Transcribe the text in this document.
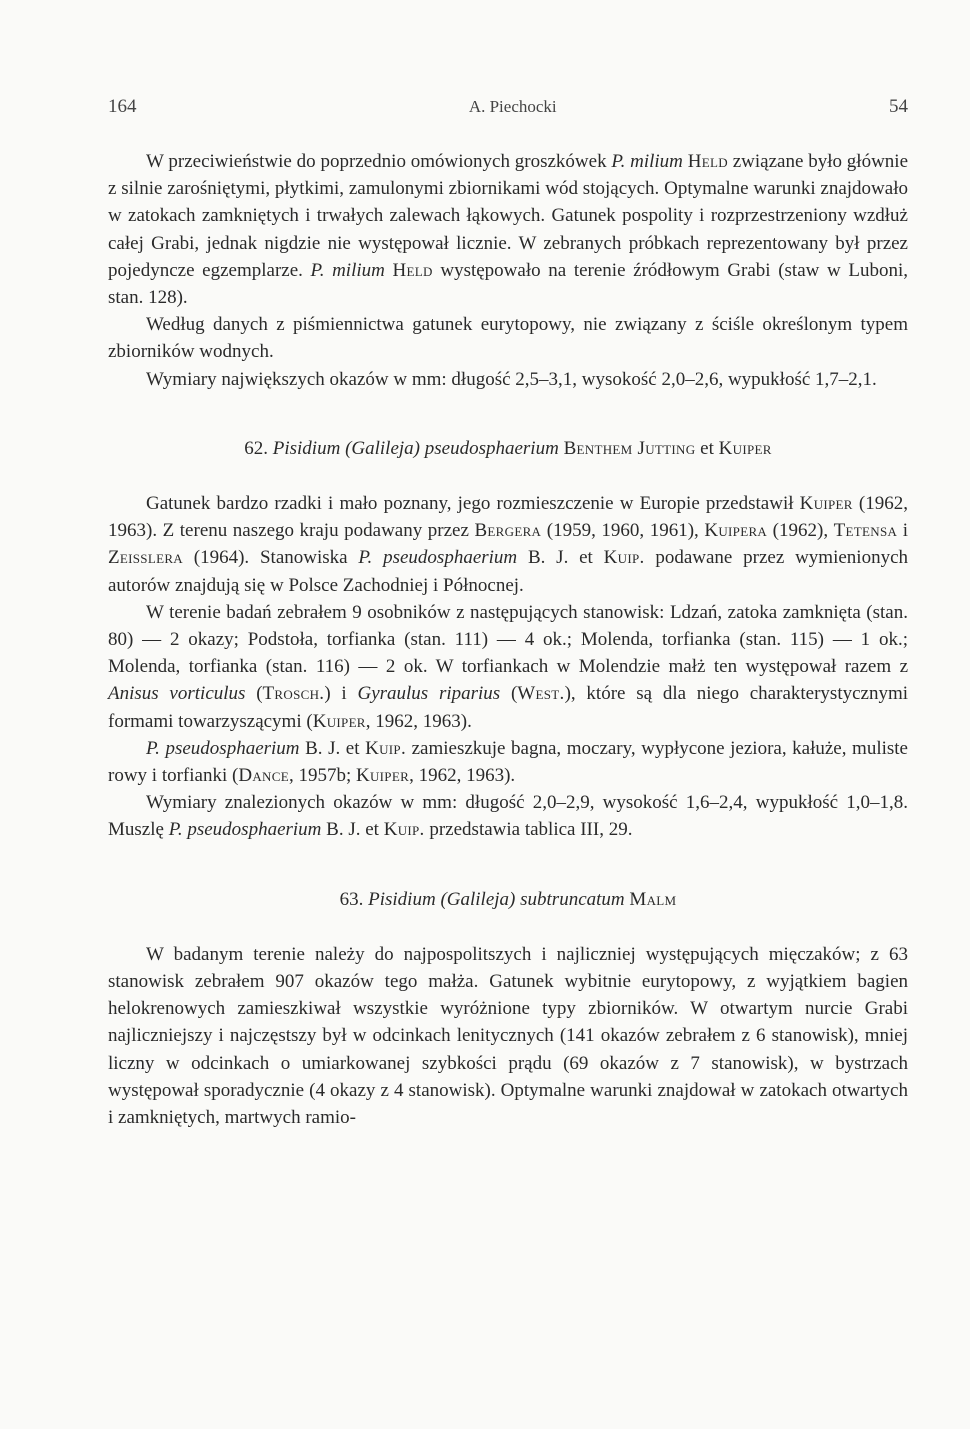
164	A. Piechocki	54

W przeciwieństwie do poprzednio omówionych groszkówek P. milium Held związane było głównie z silnie zarośniętymi, płytkimi, zamulonymi zbiornikami wód stojących. Optymalne warunki znajdowało w zatokach zamkniętych i trwałych zalewach łąkowych. Gatunek pospolity i rozprzestrzeniony wzdłuż całej Grabi, jednak nigdzie nie występował licznie. W zebranych próbkach reprezentowany był przez pojedyncze egzemplarze. P. milium Held występowało na terenie źródłowym Grabi (staw w Luboni, stan. 128).

Według danych z piśmiennictwa gatunek eurytopowy, nie związany z ściśle określonym typem zbiorników wodnych.

Wymiary największych okazów w mm: długość 2,5–3,1, wysokość 2,0–2,6, wypukłość 1,7–2,1.

62. Pisidium (Galileja) pseudosphaerium Benthem Jutting et Kuiper

Gatunek bardzo rzadki i mało poznany, jego rozmieszczenie w Europie przedstawił Kuiper (1962, 1963). Z terenu naszego kraju podawany przez Bergera (1959, 1960, 1961), Kuipera (1962), Tetensa i Zeisslera (1964). Stanowiska P. pseudosphaerium B. J. et Kuip. podawane przez wymienionych autorów znajdują się w Polsce Zachodniej i Północnej.

W terenie badań zebrałem 9 osobników z następujących stanowisk: Ldzań, zatoka zamknięta (stan. 80) — 2 okazy; Podstoła, torfianka (stan. 111) — 4 ok.; Molenda, torfianka (stan. 115) — 1 ok.; Molenda, torfianka (stan. 116) — 2 ok. W torfiankach w Molendzie małż ten występował razem z Anisus vorticulus (Trosch.) i Gyraulus riparius (West.), które są dla niego charakterystycznymi formami towarzyszącymi (Kuiper, 1962, 1963).

P. pseudosphaerium B. J. et Kuip. zamieszkuje bagna, moczary, wypłycone jeziora, kałuże, muliste rowy i torfianki (Dance, 1957b; Kuiper, 1962, 1963).

Wymiary znalezionych okazów w mm: długość 2,0–2,9, wysokość 1,6–2,4, wypukłość 1,0–1,8. Muszlę P. pseudosphaerium B. J. et Kuip. przedstawia tablica III, 29.

63. Pisidium (Galileja) subtruncatum Malm

W badanym terenie należy do najpospolitszych i najliczniej występujących mięczaków; z 63 stanowisk zebrałem 907 okazów tego małża. Gatunek wybitnie eurytopowy, z wyjątkiem bagien helokrenowych zamieszkiwał wszystkie wyróżnione typy zbiorników. W otwartym nurcie Grabi najliczniejszy i najczęstszy był w odcinkach lenitycznych (141 okazów zebrałem z 6 stanowisk), mniej liczny w odcinkach o umiarkowanej szybkości prądu (69 okazów z 7 stanowisk), w bystrzach występował sporadycznie (4 okazy z 4 stanowisk). Optymalne warunki znajdował w zatokach otwartych i zamkniętych, martwych ramio-
